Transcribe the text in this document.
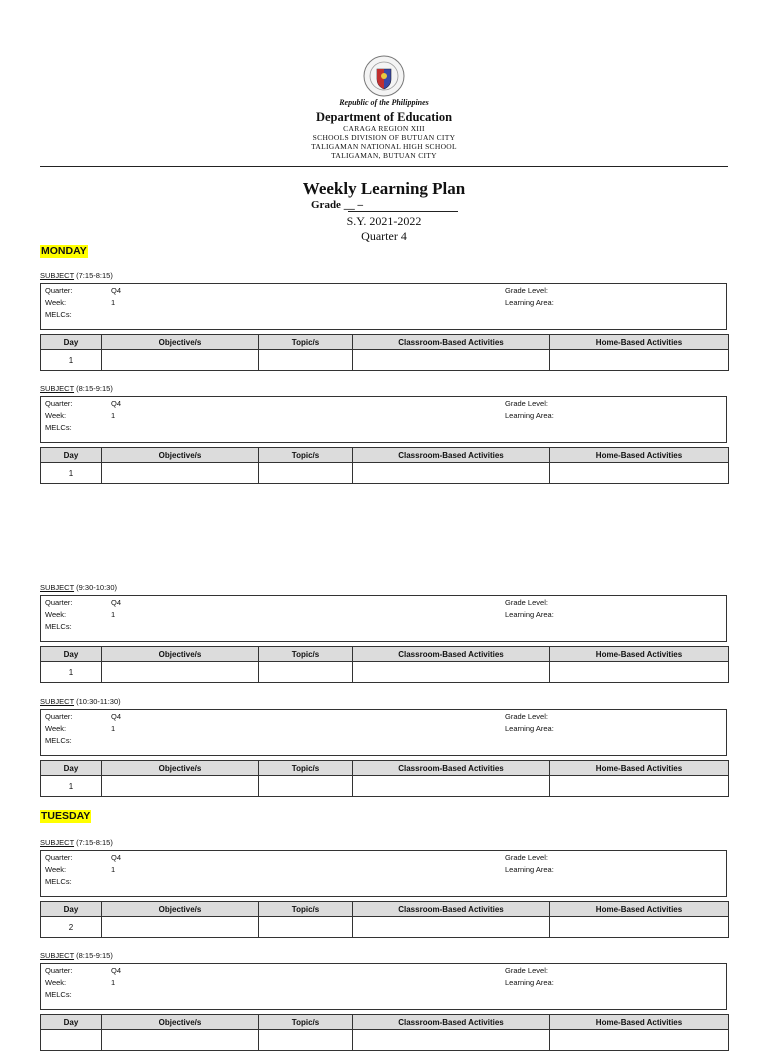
Republic of the Philippines
Department of Education
CARAGA REGION XIII
SCHOOLS DIVISION OF BUTUAN CITY
TALIGAMAN NATIONAL HIGH SCHOOL
TALIGAMAN, BUTUAN CITY
Weekly Learning Plan
Grade __ –
S.Y. 2021-2022
Quarter 4
MONDAY
TUESDAY
SUBJECT (7:15-8:15)
Quarter:	Q4
Week:	1
MELCs:
Grade Level:
Learning Area:
Day	Objective/s	Topic/s	Classroom-Based Activities	Home-Based Activities
1				
SUBJECT (8:15-9:15)
Quarter:	Q4
Week:	1
MELCs:
Grade Level:
Learning Area:
Day	Objective/s	Topic/s	Classroom-Based Activities	Home-Based Activities
1				
SUBJECT (9:30-10:30)
Quarter:	Q4
Week:	1
MELCs:
Grade Level:
Learning Area:
Day	Objective/s	Topic/s	Classroom-Based Activities	Home-Based Activities
1				
SUBJECT (10:30-11:30)
Quarter:	Q4
Week:	1
MELCs:
Grade Level:
Learning Area:
Day	Objective/s	Topic/s	Classroom-Based Activities	Home-Based Activities
1				
SUBJECT (7:15-8:15)
Quarter:	Q4
Week:	1
MELCs:
Grade Level:
Learning Area:
Day	Objective/s	Topic/s	Classroom-Based Activities	Home-Based Activities
2				
SUBJECT (8:15-9:15)
Quarter:	Q4
Week:	1
MELCs:
Grade Level:
Learning Area:
Day	Objective/s	Topic/s	Classroom-Based Activities	Home-Based Activities
